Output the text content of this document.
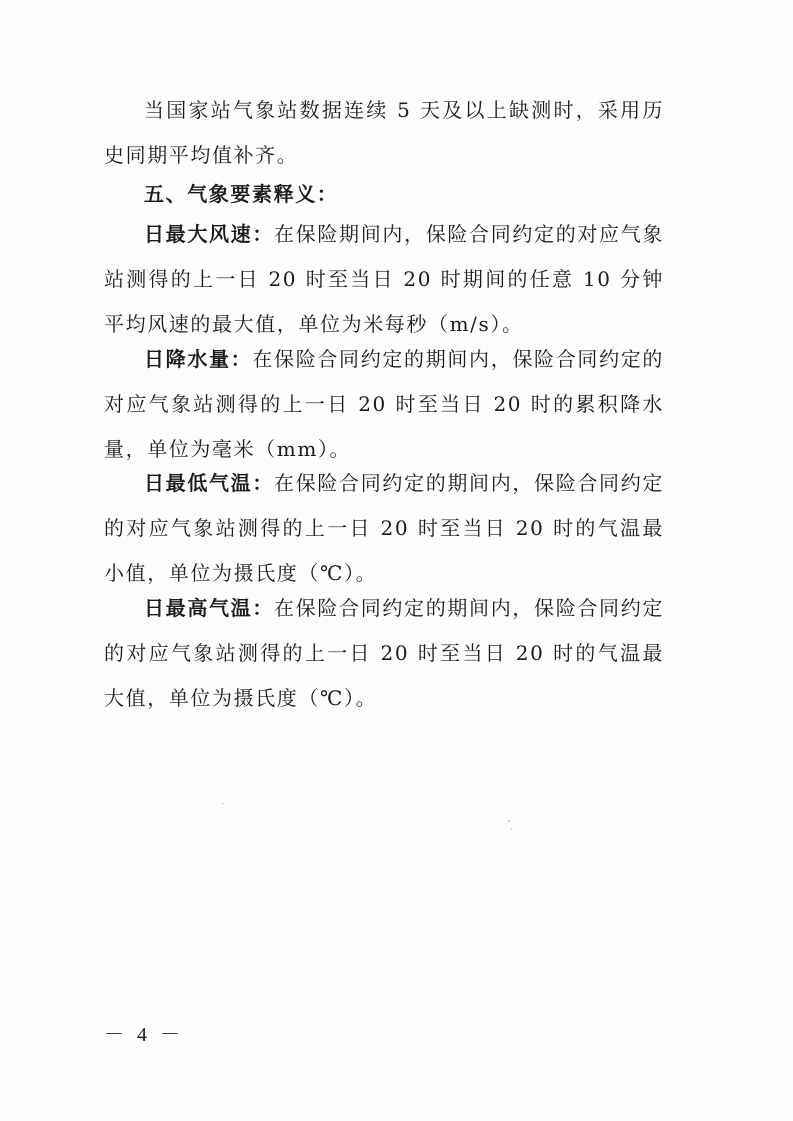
当国家站气象站数据连续 5 天及以上缺测时，采用历史同期平均值补齐。

五、气象要素释义：

日最大风速：在保险期间内，保险合同约定的对应气象站测得的上一日 20 时至当日 20 时期间的任意 10 分钟平均风速的最大值，单位为米每秒（m/s）。

日降水量：在保险合同约定的期间内，保险合同约定的对应气象站测得的上一日 20 时至当日 20 时的累积降水量，单位为毫米（mm）。

日最低气温：在保险合同约定的期间内，保险合同约定的对应气象站测得的上一日 20 时至当日 20 时的气温最小值，单位为摄氏度（℃）。

日最高气温：在保险合同约定的期间内，保险合同约定的对应气象站测得的上一日 20 时至当日 20 时的气温最大值，单位为摄氏度（℃）。

－ 4 －
